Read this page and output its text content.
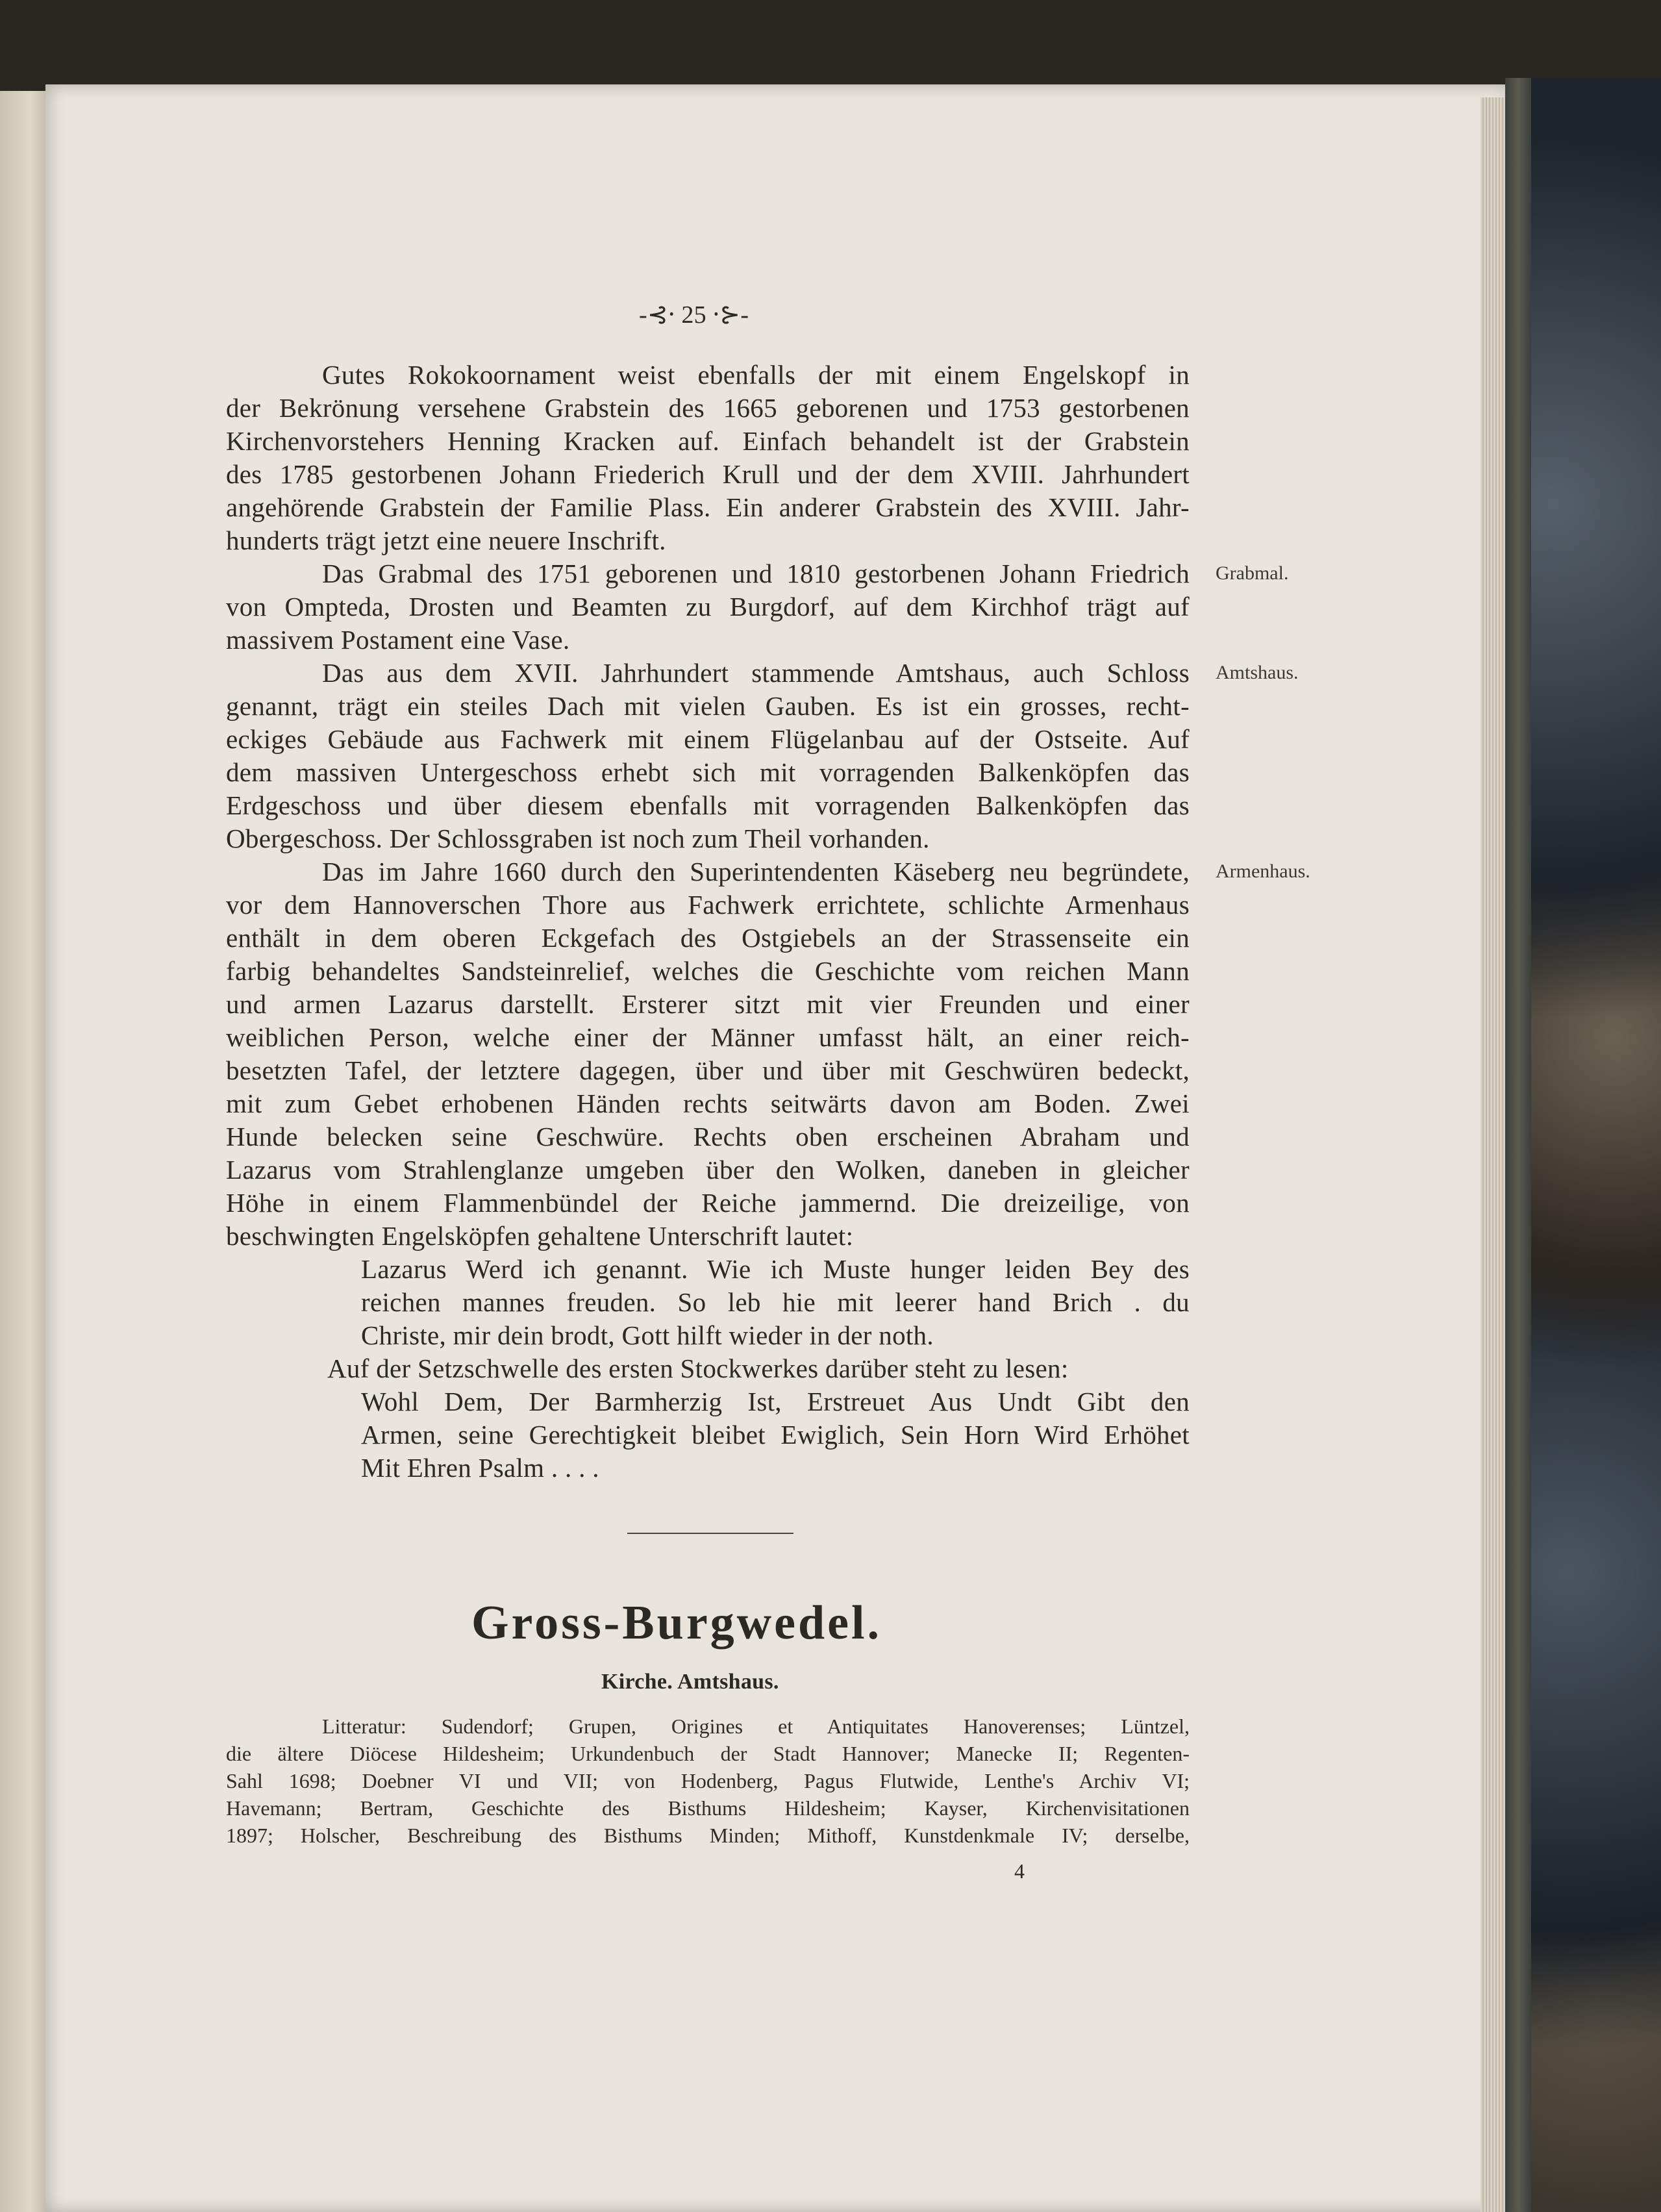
-⊰⸱ 25 ⸱⊱-
Gutes Rokokoornament weist ebenfalls der mit einem Engelskopf in
der Bekrönung versehene Grabstein des 1665 geborenen und 1753 gestorbenen
Kirchenvorstehers Henning Kracken auf. Einfach behandelt ist der Grabstein
des 1785 gestorbenen Johann Friederich Krull und der dem XVIII. Jahrhundert
angehörende Grabstein der Familie Plass. Ein anderer Grabstein des XVIII. Jahr-
hunderts trägt jetzt eine neuere Inschrift.
Das Grabmal des 1751 geborenen und 1810 gestorbenen Johann Friedrich Grabmal.
von Ompteda, Drosten und Beamten zu Burgdorf, auf dem Kirchhof trägt auf
massivem Postament eine Vase.
Das aus dem XVII. Jahrhundert stammende Amtshaus, auch Schloss Amtshaus.
genannt, trägt ein steiles Dach mit vielen Gauben. Es ist ein grosses, recht-
eckiges Gebäude aus Fachwerk mit einem Flügelanbau auf der Ostseite. Auf
dem massiven Untergeschoss erhebt sich mit vorragenden Balkenköpfen das
Erdgeschoss und über diesem ebenfalls mit vorragenden Balkenköpfen das
Obergeschoss. Der Schlossgraben ist noch zum Theil vorhanden.
Das im Jahre 1660 durch den Superintendenten Käseberg neu begründete, Armenhaus.
vor dem Hannoverschen Thore aus Fachwerk errichtete, schlichte Armenhaus
enthält in dem oberen Eckgefach des Ostgiebels an der Strassenseite ein
farbig behandeltes Sandsteinrelief, welches die Geschichte vom reichen Mann
und armen Lazarus darstellt. Ersterer sitzt mit vier Freunden und einer
weiblichen Person, welche einer der Männer umfasst hält, an einer reich-
besetzten Tafel, der letztere dagegen, über und über mit Geschwüren bedeckt,
mit zum Gebet erhobenen Händen rechts seitwärts davon am Boden. Zwei
Hunde belecken seine Geschwüre. Rechts oben erscheinen Abraham und
Lazarus vom Strahlenglanze umgeben über den Wolken, daneben in gleicher
Höhe in einem Flammenbündel der Reiche jammernd. Die dreizeilige, von
beschwingten Engelsköpfen gehaltene Unterschrift lautet:
Lazarus Werd ich genannt. Wie ich Muste hunger leiden Bey des
reichen mannes freuden. So leb hie mit leerer hand Brich . du
Christe, mir dein brodt, Gott hilft wieder in der noth.
Auf der Setzschwelle des ersten Stockwerkes darüber steht zu lesen:
Wohl Dem, Der Barmherzig Ist, Erstreuet Aus Undt Gibt den
Armen, seine Gerechtigkeit bleibet Ewiglich, Sein Horn Wird Erhöhet
Mit Ehren Psalm . . . .
Gross-Burgwedel.
Kirche. Amtshaus.
Litteratur: Sudendorf; Grupen, Origines et Antiquitates Hanoverenses; Lüntzel,
die ältere Diöcese Hildesheim; Urkundenbuch der Stadt Hannover; Manecke II; Regenten-
Sahl 1698; Doebner VI und VII; von Hodenberg, Pagus Flutwide, Lenthe's Archiv VI;
Havemann; Bertram, Geschichte des Bisthums Hildesheim; Kayser, Kirchenvisitationen
1897; Holscher, Beschreibung des Bisthums Minden; Mithoff, Kunstdenkmale IV; derselbe,
4
